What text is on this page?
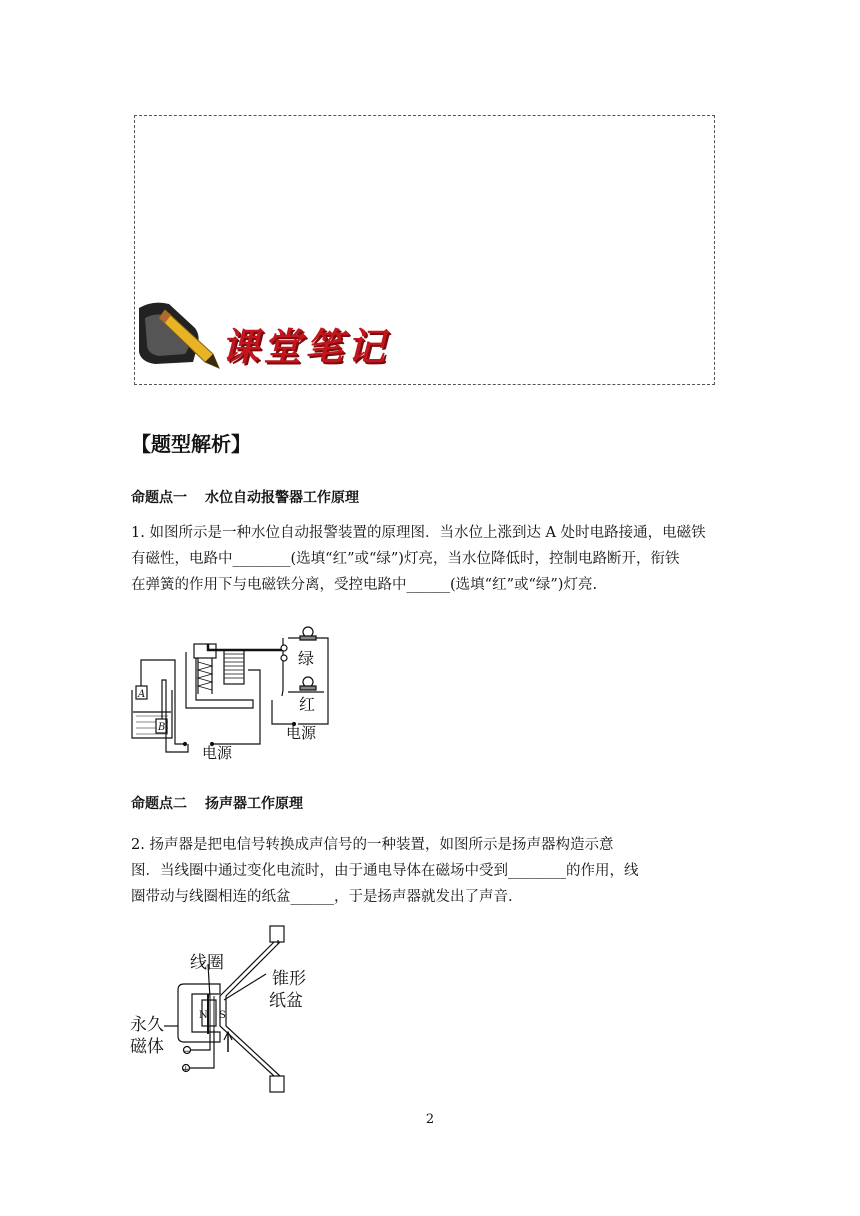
课堂笔记
【题型解析】
命题点一 水位自动报警器工作原理

1. 如图所示是一种水位自动报警装置的原理图．当水位上涨到达 A 处时电路接通，电磁铁

有磁性，电路中________(选填“红”或“绿”)灯亮，当水位降低时，控制电路断开，衔铁

在弹簧的作用下与电磁铁分离，受控电路中______(选填“红”或“绿”)灯亮.

A
B
绿
红
电源
电源
命题点二 扬声器工作原理

2. 扬声器是把电信号转换成声信号的一种装置，如图所示是扬声器构造示意

图．当线圈中通过变化电流时，由于通电导体在磁场中受到________的作用，线

圈带动与线圈相连的纸盆______，于是扬声器就发出了声音.

N S
线圈
锥形
纸盆
永久
磁体 −
+
2
